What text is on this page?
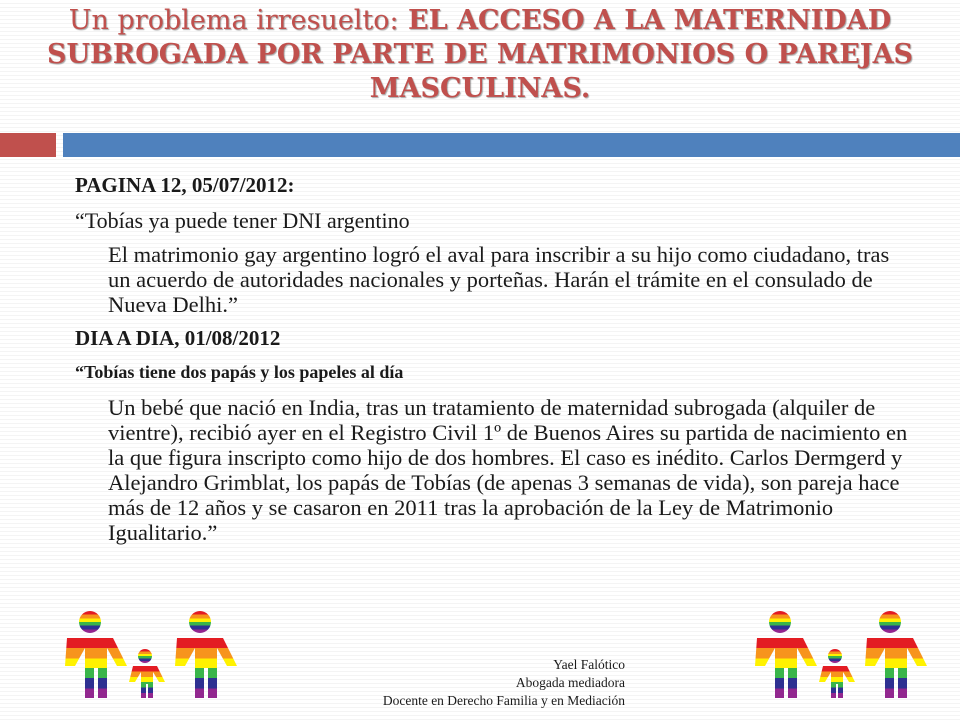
Un problema irresuelto: EL ACCESO A LA MATERNIDAD SUBROGADA POR PARTE DE MATRIMONIOS O PAREJAS MASCULINAS.
PAGINA 12, 05/07/2012:
“Tobías ya puede tener DNI argentino
El matrimonio gay argentino logró el aval para inscribir a su hijo como ciudadano, tras un acuerdo de autoridades nacionales y porteñas. Harán el trámite en el consulado de Nueva Delhi.”
DIA A DIA, 01/08/2012
“Tobías tiene dos papás y los papeles al día
Un bebé que nació en India, tras un tratamiento de maternidad subrogada (alquiler de vientre), recibió ayer en el Registro Civil 1º de Buenos Aires su partida de nacimiento en la que figura inscripto como hijo de dos hombres. El caso es inédito. Carlos Dermgerd y Alejandro Grimblat, los papás de Tobías (de apenas 3 semanas de vida), son pareja hace más de 12 años y se casaron en 2011 tras la aprobación de la Ley de Matrimonio Igualitario.”
Yael Falótico
Abogada mediadora
Docente en Derecho Familia y en Mediación
